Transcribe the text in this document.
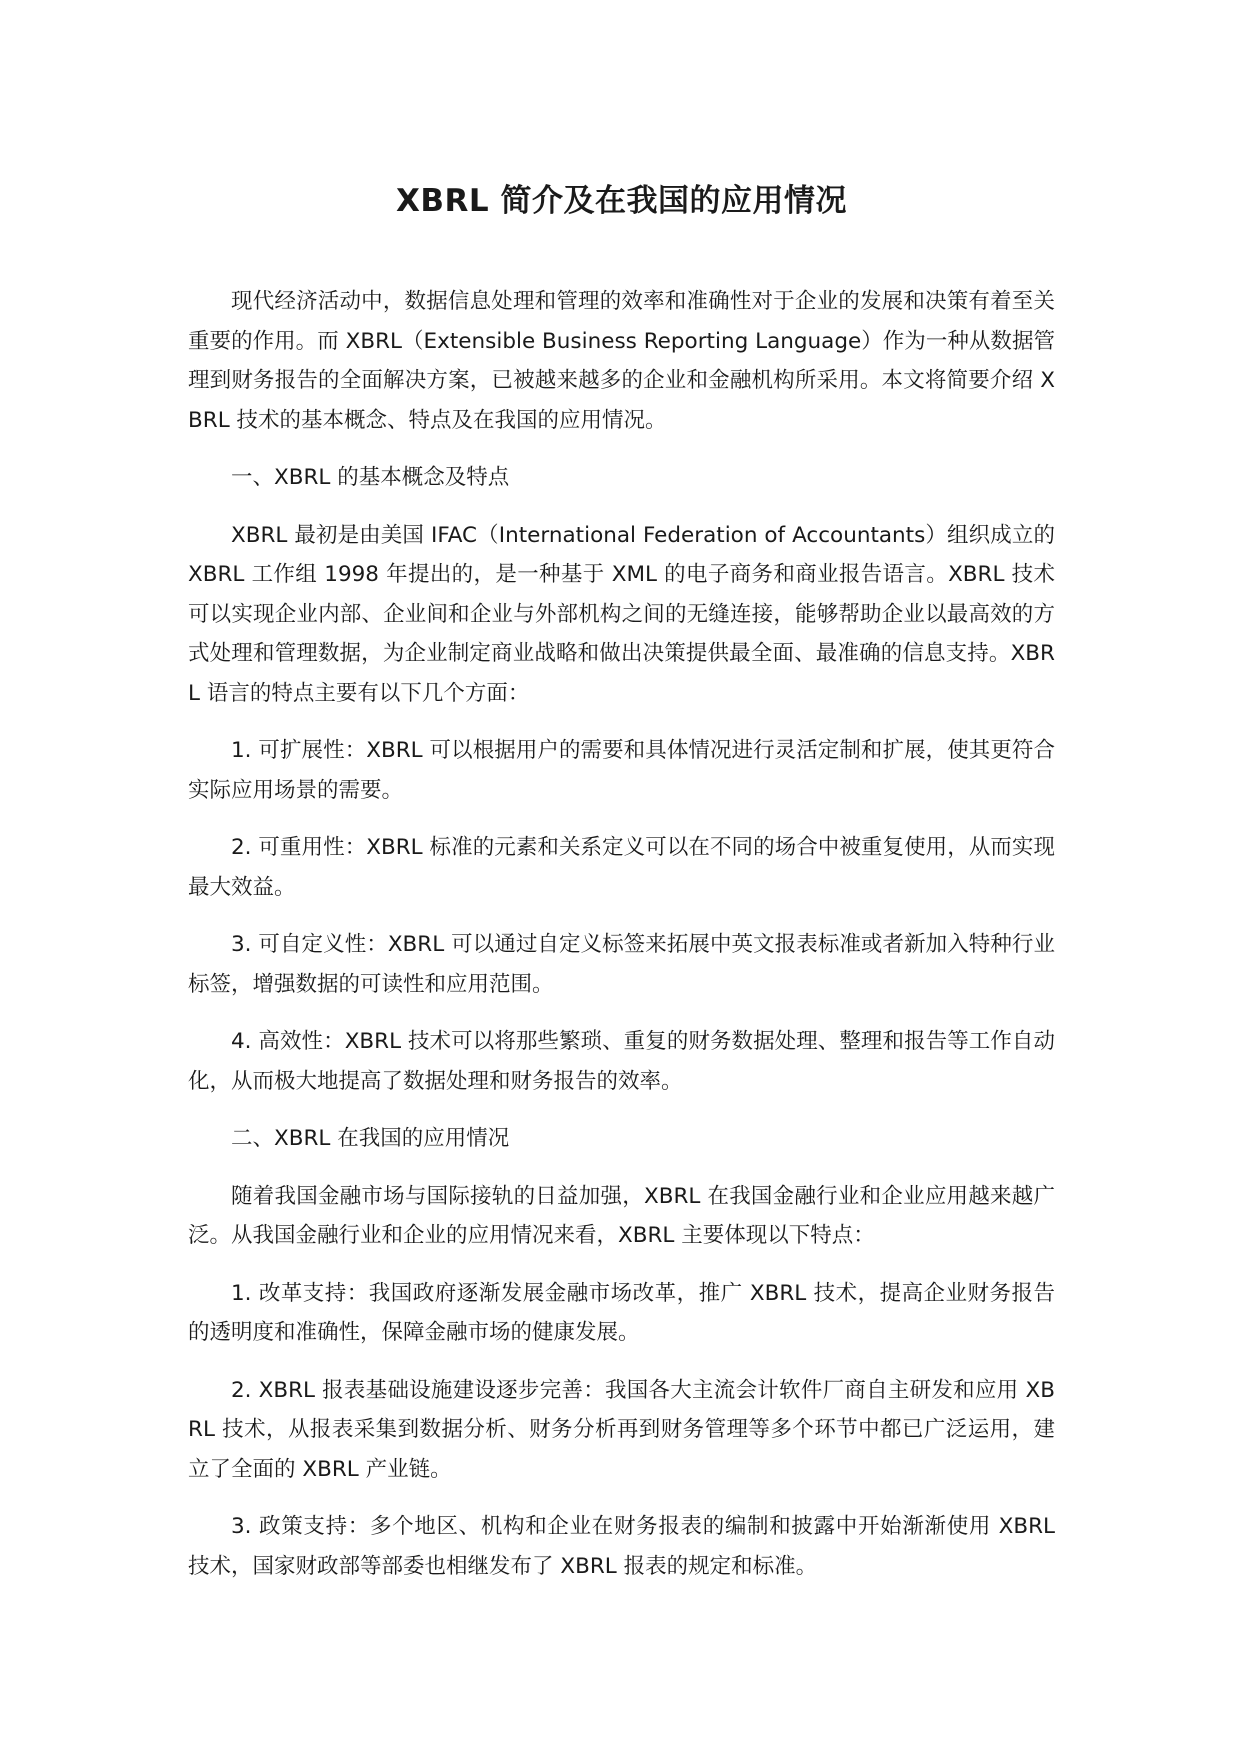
XBRL 简介及在我国的应用情况

现代经济活动中，数据信息处理和管理的效率和准确性对于企业的发展和决策有着至关重要的作用。而 XBRL（Extensible Business Reporting Language）作为一种从数据管理到财务报告的全面解决方案，已被越来越多的企业和金融机构所采用。本文将简要介绍 XBRL 技术的基本概念、特点及在我国的应用情况。

一、XBRL 的基本概念及特点

XBRL 最初是由美国 IFAC（International Federation of Accountants）组织成立的 XBRL 工作组 1998 年提出的，是一种基于 XML 的电子商务和商业报告语言。XBRL 技术可以实现企业内部、企业间和企业与外部机构之间的无缝连接，能够帮助企业以最高效的方式处理和管理数据，为企业制定商业战略和做出决策提供最全面、最准确的信息支持。XBRL 语言的特点主要有以下几个方面：

1. 可扩展性：XBRL 可以根据用户的需要和具体情况进行灵活定制和扩展，使其更符合实际应用场景的需要。

2. 可重用性：XBRL 标准的元素和关系定义可以在不同的场合中被重复使用，从而实现最大效益。

3. 可自定义性：XBRL 可以通过自定义标签来拓展中英文报表标准或者新加入特种行业标签，增强数据的可读性和应用范围。

4. 高效性：XBRL 技术可以将那些繁琐、重复的财务数据处理、整理和报告等工作自动化，从而极大地提高了数据处理和财务报告的效率。

二、XBRL 在我国的应用情况

随着我国金融市场与国际接轨的日益加强，XBRL 在我国金融行业和企业应用越来越广泛。从我国金融行业和企业的应用情况来看，XBRL 主要体现以下特点：

1. 改革支持：我国政府逐渐发展金融市场改革，推广 XBRL 技术，提高企业财务报告的透明度和准确性，保障金融市场的健康发展。

2. XBRL 报表基础设施建设逐步完善：我国各大主流会计软件厂商自主研发和应用 XBRL 技术，从报表采集到数据分析、财务分析再到财务管理等多个环节中都已广泛运用，建立了全面的 XBRL 产业链。

3. 政策支持：多个地区、机构和企业在财务报表的编制和披露中开始渐渐使用 XBRL 技术，国家财政部等部委也相继发布了 XBRL 报表的规定和标准。
